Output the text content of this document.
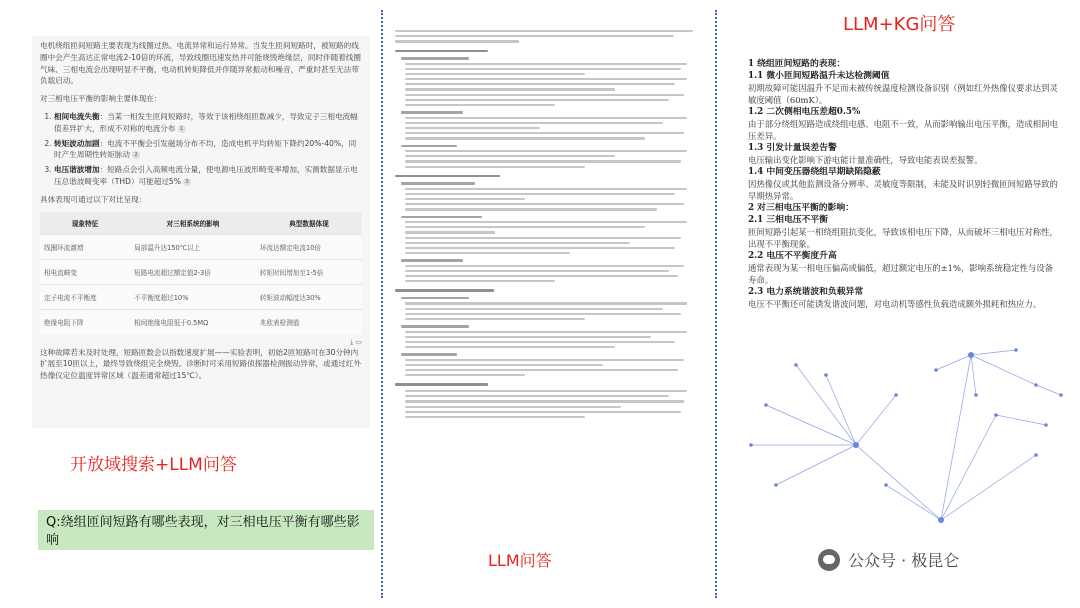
电机绕组匝间短路主要表现为线圈过热、电流异常和运行异常。当发生匝间短路时，被短路的线圈中会产生高达正常电流2-10倍的环流，导致线圈迅速发热并可能烧毁绝缘层，同时伴随着线圈气味、三相电流会出现明显不平衡，电动机转矩降低并伴随异常振动和噪音，严重时甚至无法带负载启动。

对三相电压平衡的影响主要体现在：

1. 相间电流失衡：当某一相发生匝间短路时，等效于该相绕组匝数减少，导致定子三相电流幅值差异扩大，形成不对称的电流分布 1
2. 转矩波动加剧：电流不平衡会引发磁场分布不均，造成电机平均转矩下降约20%-40%，同时产生周期性转矩脉动 2
3. 电压谐波增加：短路点会引入高频电流分量，使电源电压波形畸变率增加，实测数据显示电压总谐波畸变率（THD）可能超过5% 3

具体表现可通过以下对比呈现：

现象特征	对三相系统的影响	典型数据体现
线圈环流激增	局部温升达150℃以上	环流达额定电流10倍
相电流畸变	短路电流超过额定值2-3倍	转矩时间增加至1-5倍
定子电流不平衡度	不平衡度超过10%	转矩波动幅度达30%
绝缘电阻下降	相间绝缘电阻低于0.5MΩ	兆欧表检测值
⤓ ▭

这种故障若未及时处理，短路匝数会以指数速度扩展——实验表明，初始2匝短路可在30分钟内扩展至10匝以上，最终导致绕组完全烧毁。诊断时可采用短路侦探器检测振动异常，或通过红外热像仪定位温度异常区域（温差通常超过15℃）。

开放域搜索+LLM问答
Q:绕组匝间短路有哪些表现，对三相电压平衡有哪些影响
LLM问答
LLM+KG问答
1 绕组匝间短路的表现：
1.1 微小匝间短路温升未达检测阈值
初期故障可能因温升不足而未被传统温度检测设备识别（例如红外热像仪要求达到灵敏度阈值（60mK）。
1.2 二次侧相电压差超0.5%
由于部分绕组短路造成绕组电感、电阻不一致，从而影响输出电压平衡，造成相间电压差异。
1.3 引发计量误差告警
电压输出变化影响下游电能计量准确性，导致电能表误差报警。
1.4 中间变压器绕组早期缺陷隐蔽
因热像仪或其他监测设备分辨率、灵敏度等限制，未能及时识别轻微匝间短路导致的早期热异常。
2 对三相电压平衡的影响：
2.1 三相电压不平衡
匝间短路引起某一相绕组阻抗变化，导致该相电压下降，从而破坏三相电压对称性，出现不平衡现象。
2.2 电压不平衡度升高
通常表现为某一相电压偏高或偏低，超过额定电压的±1%，影响系统稳定性与设备寿命。
2.3 电力系统谐波和负载异常
电压不平衡还可能诱发谐波问题，对电动机等感性负载造成额外损耗和热应力。
公众号 · 极昆仑
